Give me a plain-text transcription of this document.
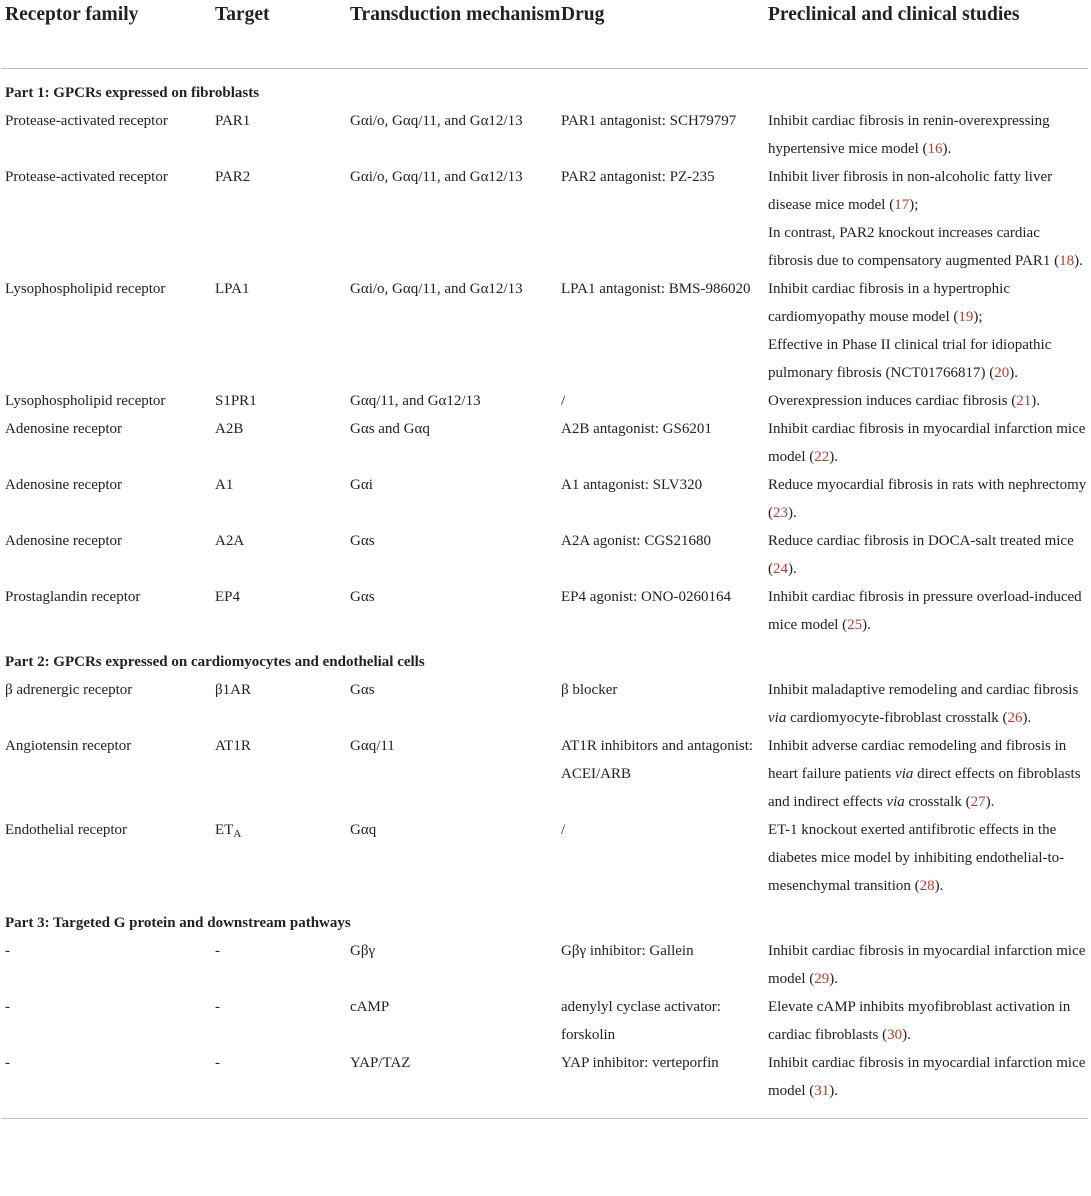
Receptor family	Target	Transduction mechanism	Drug	Preclinical and clinical studies
Part 1: GPCRs expressed on fibroblasts				
Protease-activated receptor	PAR1	Gαi/o, Gαq/11, and Gα12/13	PAR1 antagonist: SCH79797	Inhibit cardiac fibrosis in renin-overexpressing hypertensive mice model (16).

Protease-activated receptor	PAR2	Gαi/o, Gαq/11, and Gα12/13	PAR2 antagonist: PZ-235	Inhibit liver fibrosis in non-alcoholic fatty liver disease mice model (17);
In contrast, PAR2 knockout increases cardiac fibrosis due to compensatory augmented PAR1 (18).

Lysophospholipid receptor	LPA1	Gαi/o, Gαq/11, and Gα12/13	LPA1 antagonist: BMS-986020	Inhibit cardiac fibrosis in a hypertrophic cardiomyopathy mouse model (19);
Effective in Phase II clinical trial for idiopathic pulmonary fibrosis (NCT01766817) (20).

Lysophospholipid receptor	S1PR1	Gαq/11, and Gα12/13	/	Overexpression induces cardiac fibrosis (21).

Adenosine receptor	A2B	Gαs and Gαq	A2B antagonist: GS6201	Inhibit cardiac fibrosis in myocardial infarction mice model (22).

Adenosine receptor	A1	Gαi	A1 antagonist: SLV320	Reduce myocardial fibrosis in rats with nephrectomy (23).

Adenosine receptor	A2A	Gαs	A2A agonist: CGS21680	Reduce cardiac fibrosis in DOCA-salt treated mice (24).

Prostaglandin receptor	EP4	Gαs	EP4 agonist: ONO-0260164	Inhibit cardiac fibrosis in pressure overload-induced mice model (25).

Part 2: GPCRs expressed on cardiomyocytes and endothelial cells				
β adrenergic receptor	β1AR	Gαs	β blocker	Inhibit maladaptive remodeling and cardiac fibrosis via cardiomyocyte-fibroblast crosstalk (26).

Angiotensin receptor	AT1R	Gαq/11	AT1R inhibitors and antagonist: ACEI/ARB	Inhibit adverse cardiac remodeling and fibrosis in heart failure patients via direct effects on fibroblasts and indirect effects via crosstalk (27).

Endothelial receptor	$ET_A$	Gαq	/	ET-1 knockout exerted antifibrotic effects in the diabetes mice model by inhibiting endothelial-to-mesenchymal transition (28).

Part 3: Targeted G protein and downstream pathways				
-	-	Gβγ	Gβγ inhibitor: Gallein	Inhibit cardiac fibrosis in myocardial infarction mice model (29).

-	-	cAMP	adenylyl cyclase activator: forskolin	Elevate cAMP inhibits myofibroblast activation in cardiac fibroblasts (30).

-	-	YAP/TAZ	YAP inhibitor: verteporfin	Inhibit cardiac fibrosis in myocardial infarction mice model (31).
